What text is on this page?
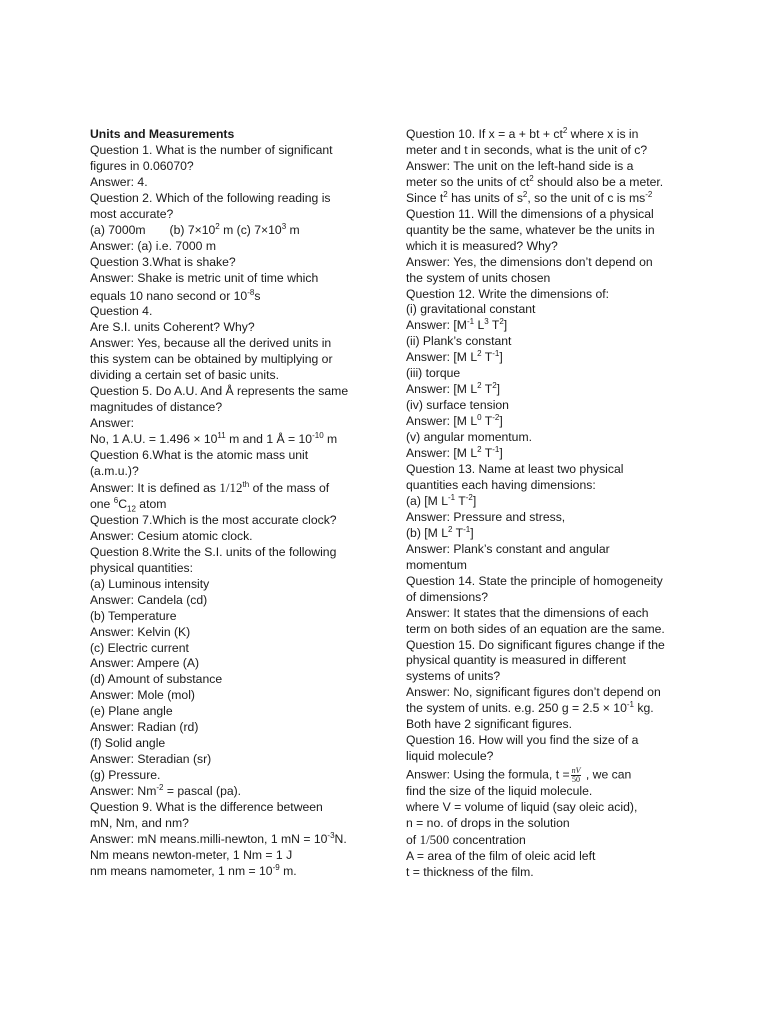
Units and Measurements
Question 1. What is the number of significant
figures in 0.06070?
Answer: 4.
Question 2. Which of the following reading is
most accurate?
(a) 7000m (b) $7\times 10^2$ m (c) $7\times 10^3$ m
Answer: (a) i.e. 7000 m
Question 3.What is shake?
Answer: Shake is metric unit of time which
equals 10 nano second or $10^{-8}s$
Question 4.
Are S.I. units Coherent? Why?
Answer: Yes, because all the derived units in
this system can be obtained by multiplying or
dividing a certain set of basic units.
Question 5. Do A.U. And Å represents the same
magnitudes of distance?
Answer:
No, 1 A.U. = $1.496 \times 10^{11}$ m and 1 Å = $10^{-10}$ m
Question 6.What is the atomic mass unit
(a.m.u.)?
Answer: It is defined as 1/12th of the mass of
one $^6C_{12}$ atom
Question 7.Which is the most accurate clock?
Answer: Cesium atomic clock.
Question 8.Write the S.I. units of the following
physical quantities:
(a) Luminous intensity
Answer: Candela (cd)
(b) Temperature
Answer: Kelvin (K)
(c) Electric current
Answer: Ampere (A)
(d) Amount of substance
Answer: Mole (mol)
(e) Plane angle
Answer: Radian (rd)
(f) Solid angle
Answer: Steradian (sr)
(g) Pressure.
Answer: $Nm^{-2}$ = pascal (pa).
Question 9. What is the difference between
mN, Nm, and nm?
Answer: mN means.milli-newton, 1 mN = $10^{-3}N$.
Nm means newton-meter, 1 Nm = 1 J
nm means namometer, 1 nm = $10^{-9}$ m.
Question 10. If x = a + bt + $ct^2$ where x is in
meter and t in seconds, what is the unit of c?
Answer: The unit on the left-hand side is a
meter so the units of $ct^2$ should also be a meter.
Since $t^2$ has units of $s^2$, so the unit of c is $ms^{-2}$
Question 11. Will the dimensions of a physical
quantity be the same, whatever be the units in
which it is measured? Why?
Answer: Yes, the dimensions don’t depend on
the system of units chosen
Question 12. Write the dimensions of:
(i) gravitational constant
Answer: [$M^{-1}$ $L^3$ $T^2$]
(ii) Plank’s constant
Answer: [M $L^2$ $T^{-1}$]
(iii) torque
Answer: [M $L^2$ $T^2$]
(iv) surface tension
Answer: [M $L^0$ $T^{-2}$]
(v) angular momentum.
Answer: [M $L^2$ $T^{-1}$]
Question 13. Name at least two physical
quantities each having dimensions:
(a) [M $L^{-1}$ $T^{-2}$]
Answer: Pressure and stress,
(b) [M $L^2$ $T^{-1}$]
Answer: Plank’s constant and angular
momentum
Question 14. State the principle of homogeneity
of dimensions?
Answer: It states that the dimensions of each
term on both sides of an equation are the same.
Question 15. Do significant figures change if the
physical quantity is measured in different
systems of units?
Answer: No, significant figures don’t depend on
the system of units. e.g. 250 $g = 2.5 \times 10^{-1}$ kg.
Both have 2 significant figures.
Question 16. How will you find the size of a
liquid molecule?
Answer: Using the formula, $t = \frac{nV}{50}$ , we can
find the size of the liquid molecule.
where V = volume of liquid (say oleic acid),
n = no. of drops in the solution
of 1/500 concentration
A = area of the film of oleic acid left
t = thickness of the film.
